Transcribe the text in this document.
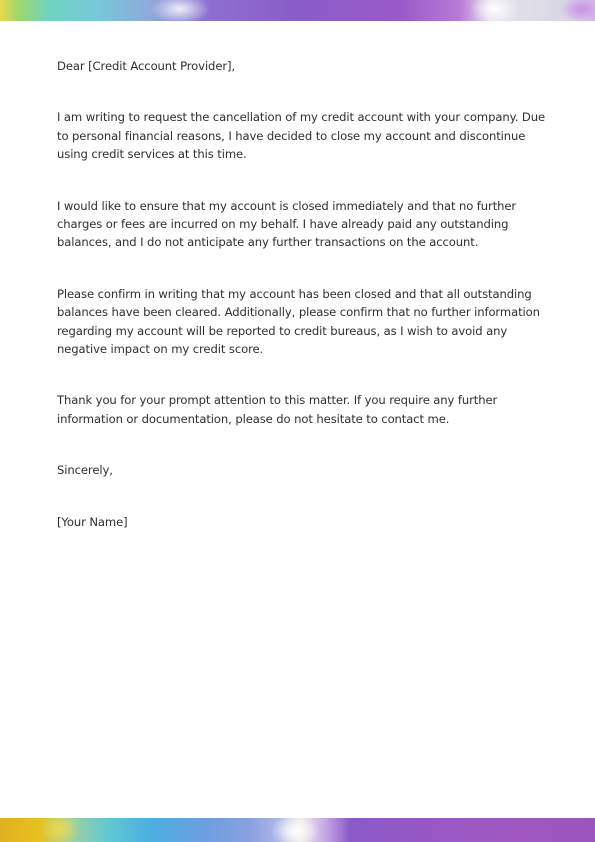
Dear [Credit Account Provider],

I am writing to request the cancellation of my credit account with your company. Due to personal financial reasons, I have decided to close my account and discontinue using credit services at this time.

I would like to ensure that my account is closed immediately and that no further charges or fees are incurred on my behalf. I have already paid any outstanding balances, and I do not anticipate any further transactions on the account.

Please confirm in writing that my account has been closed and that all outstanding balances have been cleared. Additionally, please confirm that no further information regarding my account will be reported to credit bureaus, as I wish to avoid any negative impact on my credit score.

Thank you for your prompt attention to this matter. If you require any further information or documentation, please do not hesitate to contact me.

Sincerely,

[Your Name]
